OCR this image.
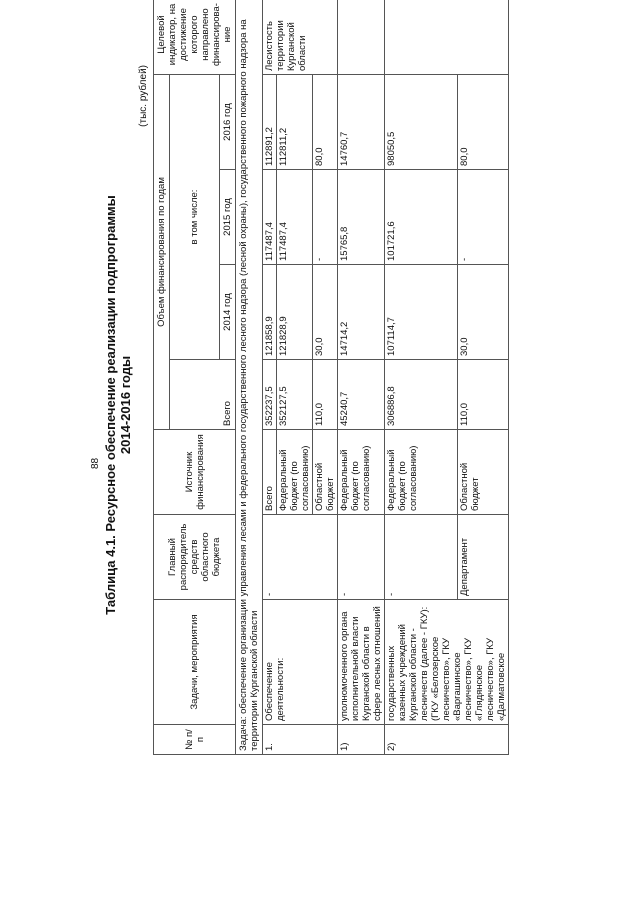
88 Таблица 4.1. Ресурсное обеспечение реализации подпрограммы 2014-2016 годы
(тыс. рублей)
№ п/п	Задачи, мероприятия	Главный распорядитель средств областного бюджета	Источник финансирования	Объем финансирования по годам				Целевой индикатор, на достижение которого направлено финансирова-ние
				Всего	в том числе:			
					2014 год	2015 год	2016 год	
Задача: обеспечение организации управления лесами и федерального государственного лесного надзора (лесной охраны), государственного пожарного надзора на территории Курганской области								
1.	Обеспечение деятельности:	-	Всего	352237,5	121858,9	117487,4	112891,2	Лесистость территории Курганской области
			Федеральный бюджет (по согласованию)	352127,5	121828,9	117487,4	112811,2	
			Областной бюджет	110,0	30,0	-	80,0	
1)	уполномоченного органа исполнительной власти Курганской области в сфере лесных отношений	-	Федеральный бюджет (по согласованию)	45240,7	14714,2	15765,8	14760,7	
2)	государственных казенных учреждений Курганской области - лесничеств (далее - ГКУ): (ГКУ «Белозерское лесничество», ГКУ «Варгашинское лесничество», ГКУ «Глядянское лесничество», ГКУ «Далматовское	-	Федеральный бюджет (по согласованию)	306886,8	107114,7	101721,6	98050,5	
		Департамент	Областной бюджет	110,0	30,0	-	80,0	
